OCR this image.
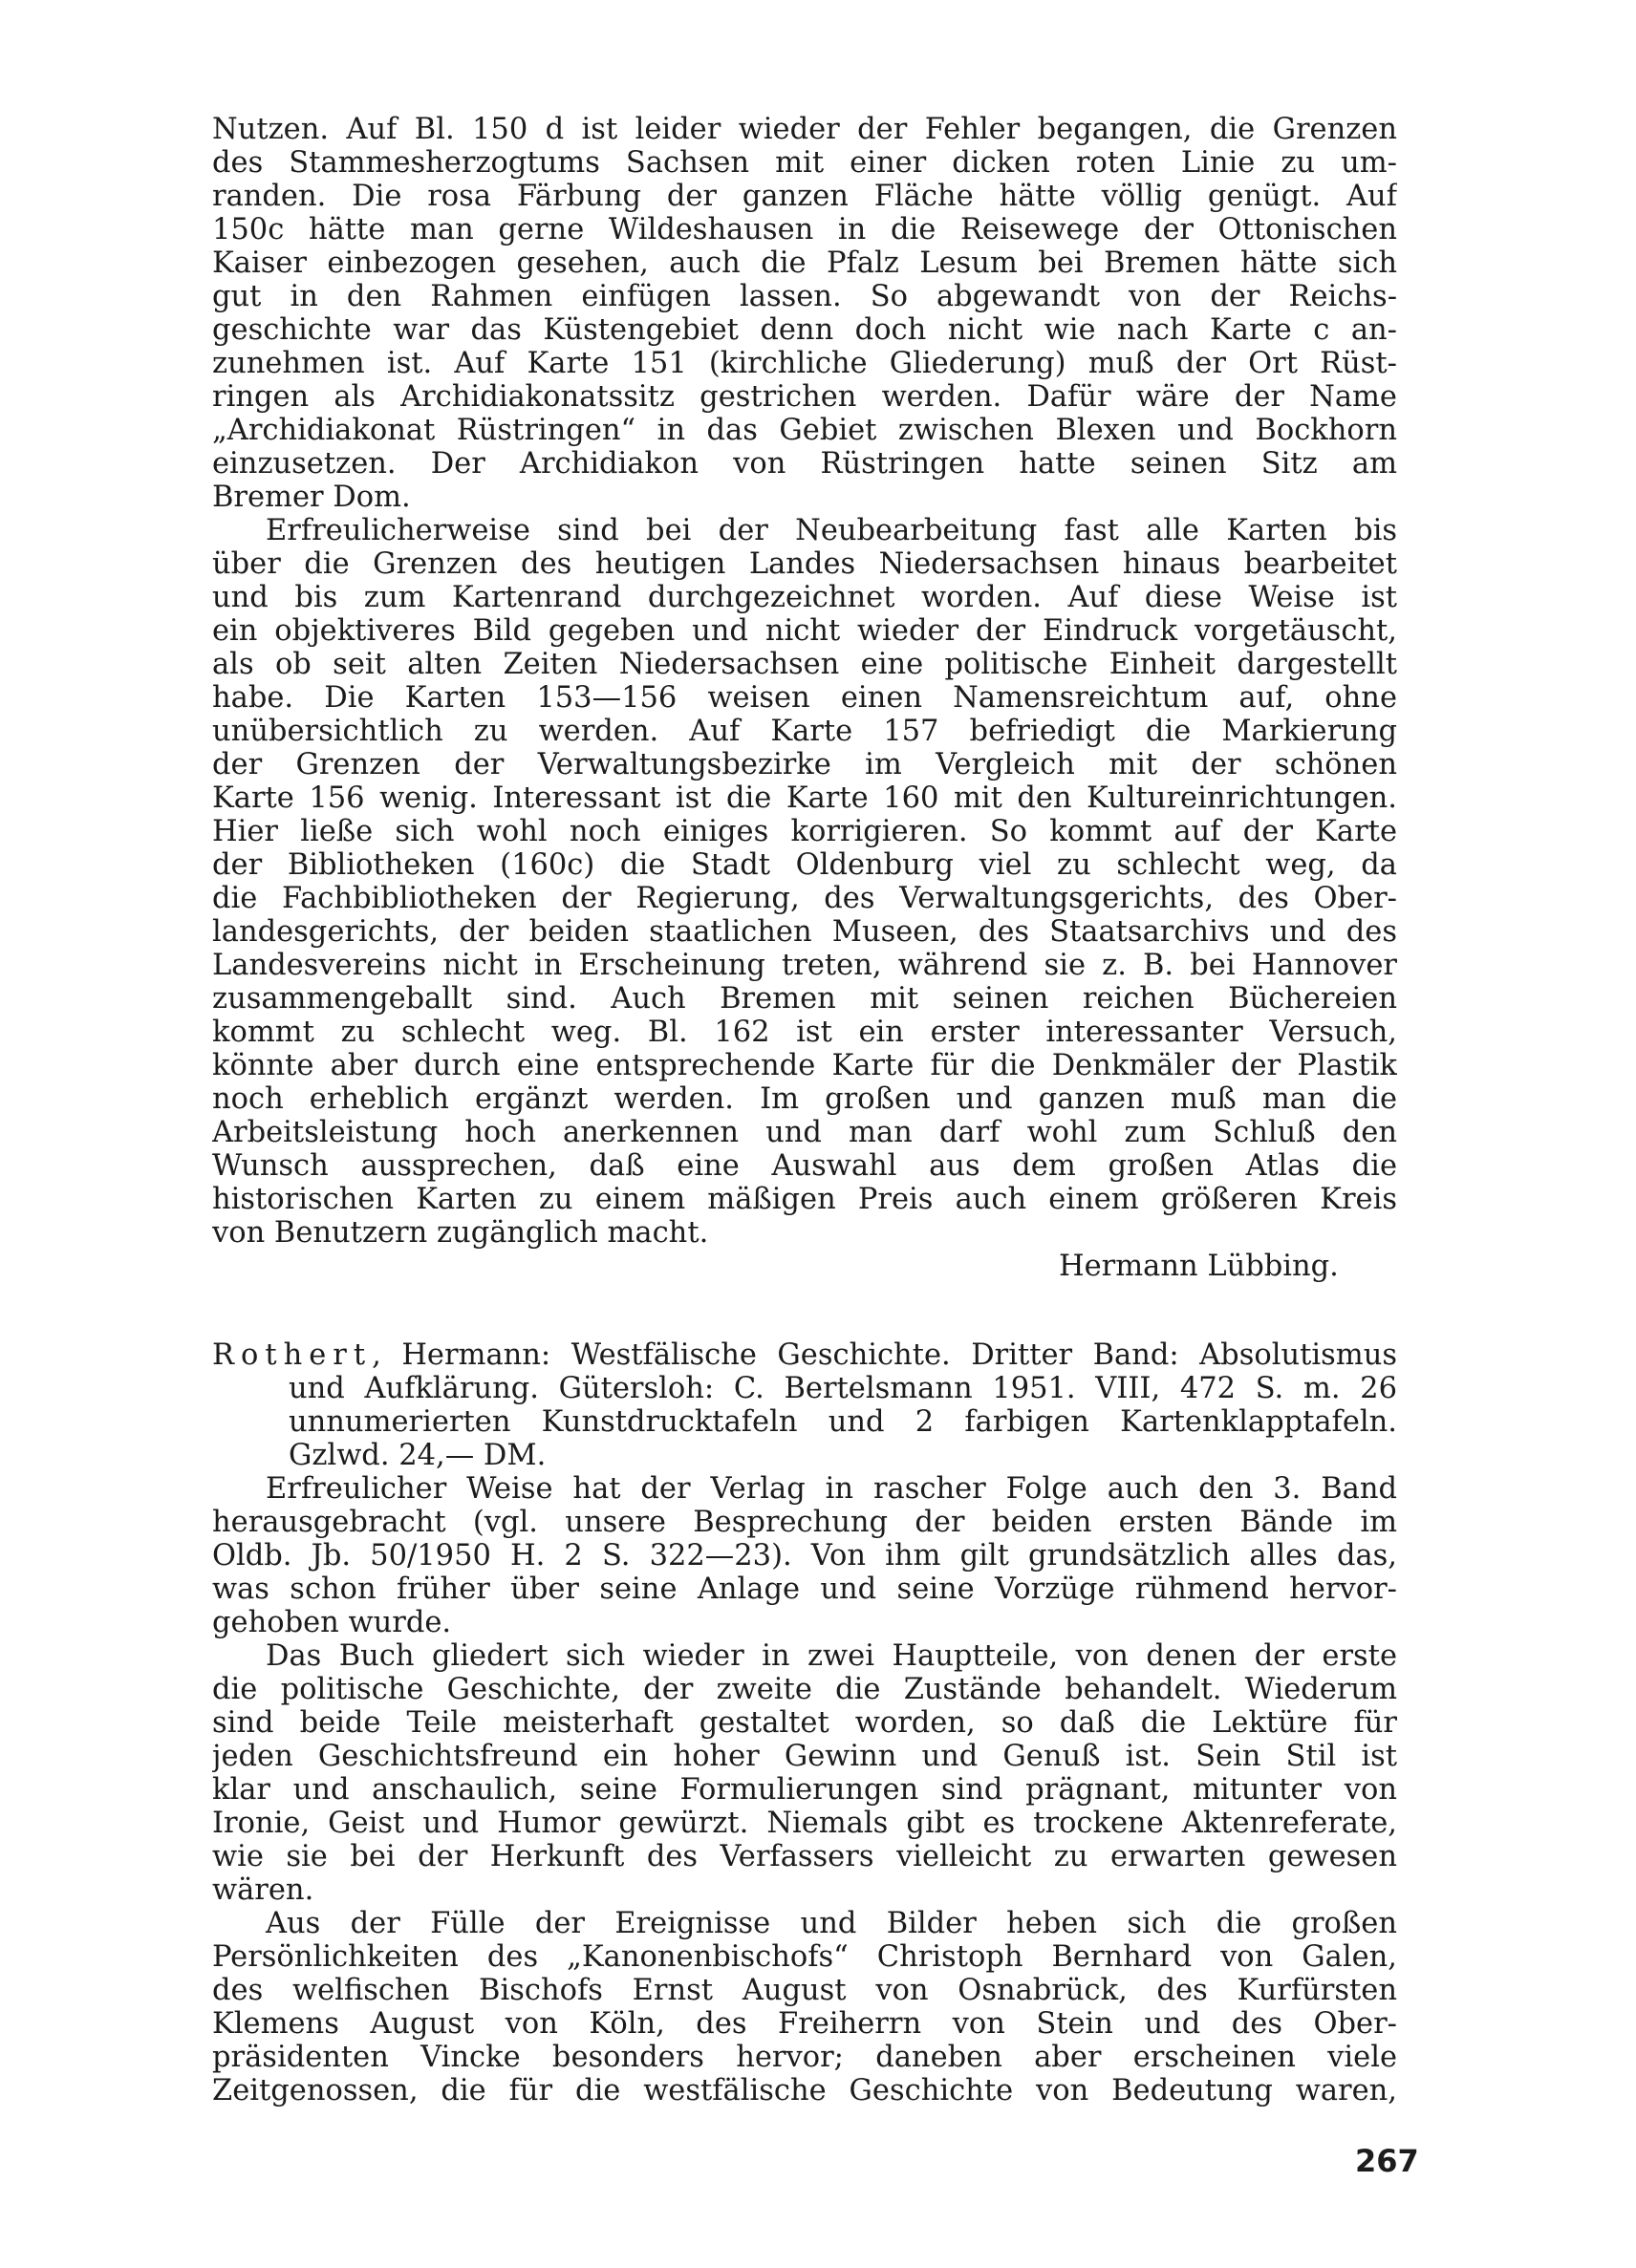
Nutzen. Auf Bl. 150 d ist leider wieder der Fehler begangen, die Grenzen
des Stammesherzogtums Sachsen mit einer dicken roten Linie zu um-
randen. Die rosa Färbung der ganzen Fläche hätte völlig genügt. Auf
150c hätte man gerne Wildeshausen in die Reisewege der Ottonischen
Kaiser einbezogen gesehen, auch die Pfalz Lesum bei Bremen hätte sich
gut in den Rahmen einfügen lassen. So abgewandt von der Reichs-
geschichte war das Küstengebiet denn doch nicht wie nach Karte c an-
zunehmen ist. Auf Karte 151 (kirchliche Gliederung) muß der Ort Rüst-
ringen als Archidiakonatssitz gestrichen werden. Dafür wäre der Name
„Archidiakonat Rüstringen“ in das Gebiet zwischen Blexen und Bockhorn
einzusetzen. Der Archidiakon von Rüstringen hatte seinen Sitz am
Bremer Dom.
Erfreulicherweise sind bei der Neubearbeitung fast alle Karten bis
über die Grenzen des heutigen Landes Niedersachsen hinaus bearbeitet
und bis zum Kartenrand durchgezeichnet worden. Auf diese Weise ist
ein objektiveres Bild gegeben und nicht wieder der Eindruck vorgetäuscht,
als ob seit alten Zeiten Niedersachsen eine politische Einheit dargestellt
habe. Die Karten 153—156 weisen einen Namensreichtum auf, ohne
unübersichtlich zu werden. Auf Karte 157 befriedigt die Markierung
der Grenzen der Verwaltungsbezirke im Vergleich mit der schönen
Karte 156 wenig. Interessant ist die Karte 160 mit den Kultureinrichtungen.
Hier ließe sich wohl noch einiges korrigieren. So kommt auf der Karte
der Bibliotheken (160c) die Stadt Oldenburg viel zu schlecht weg, da
die Fachbibliotheken der Regierung, des Verwaltungsgerichts, des Ober-
landesgerichts, der beiden staatlichen Museen, des Staatsarchivs und des
Landesvereins nicht in Erscheinung treten, während sie z. B. bei Hannover
zusammengeballt sind. Auch Bremen mit seinen reichen Büchereien
kommt zu schlecht weg. Bl. 162 ist ein erster interessanter Versuch,
könnte aber durch eine entsprechende Karte für die Denkmäler der Plastik
noch erheblich ergänzt werden. Im großen und ganzen muß man die
Arbeitsleistung hoch anerkennen und man darf wohl zum Schluß den
Wunsch aussprechen, daß eine Auswahl aus dem großen Atlas die
historischen Karten zu einem mäßigen Preis auch einem größeren Kreis
von Benutzern zugänglich macht.
Hermann Lübbing.
Rothert, Hermann: Westfälische Geschichte. Dritter Band: Absolutismus
und Aufklärung. Gütersloh: C. Bertelsmann 1951. VIII, 472 S. m. 26
unnumerierten Kunstdrucktafeln und 2 farbigen Kartenklapptafeln.
Gzlwd. 24,— DM.
Erfreulicher Weise hat der Verlag in rascher Folge auch den 3. Band
herausgebracht (vgl. unsere Besprechung der beiden ersten Bände im
Oldb. Jb. 50/1950 H. 2 S. 322—23). Von ihm gilt grundsätzlich alles das,
was schon früher über seine Anlage und seine Vorzüge rühmend hervor-
gehoben wurde.
Das Buch gliedert sich wieder in zwei Hauptteile, von denen der erste
die politische Geschichte, der zweite die Zustände behandelt. Wiederum
sind beide Teile meisterhaft gestaltet worden, so daß die Lektüre für
jeden Geschichtsfreund ein hoher Gewinn und Genuß ist. Sein Stil ist
klar und anschaulich, seine Formulierungen sind prägnant, mitunter von
Ironie, Geist und Humor gewürzt. Niemals gibt es trockene Aktenreferate,
wie sie bei der Herkunft des Verfassers vielleicht zu erwarten gewesen
wären.
Aus der Fülle der Ereignisse und Bilder heben sich die großen
Persönlichkeiten des „Kanonenbischofs“ Christoph Bernhard von Galen,
des welfischen Bischofs Ernst August von Osnabrück, des Kurfürsten
Klemens August von Köln, des Freiherrn von Stein und des Ober-
präsidenten Vincke besonders hervor; daneben aber erscheinen viele
Zeitgenossen, die für die westfälische Geschichte von Bedeutung waren,
267
